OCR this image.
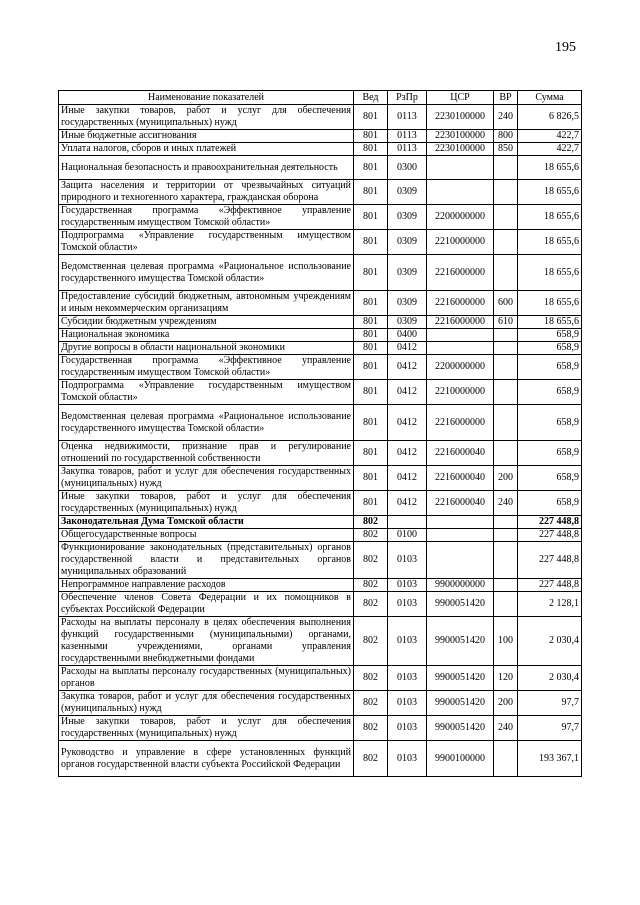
195
Наименование показателей	Вед	РзПр	ЦСР	ВР	Сумма
Иные закупки товаров, работ и услуг для обеспечения государственных (муниципальных) нужд	801	0113	2230100000	240	6 826,5
Иные бюджетные ассигнования	801	0113	2230100000	800	422,7
Уплата налогов, сборов и иных платежей	801	0113	2230100000	850	422,7
Национальная безопасность и правоохранительная деятельность	801	0300			18 655,6
Защита населения и территории от чрезвычайных ситуаций природного и техногенного характера, гражданская оборона	801	0309			18 655,6
Государственная программа «Эффективное управление государственным имуществом Томской области»	801	0309	2200000000		18 655,6
Подпрограмма «Управление государственным имуществом Томской области»	801	0309	2210000000		18 655,6
Ведомственная целевая программа «Рациональное использование государственного имущества Томской области»	801	0309	2216000000		18 655,6
Предоставление субсидий бюджетным, автономным учреждениям и иным некоммерческим организациям	801	0309	2216000000	600	18 655,6
Субсидии бюджетным учреждениям	801	0309	2216000000	610	18 655,6
Национальная экономика	801	0400			658,9
Другие вопросы в области национальной экономики	801	0412			658,9
Государственная программа «Эффективное управление государственным имуществом Томской области»	801	0412	2200000000		658,9
Подпрограмма «Управление государственным имуществом Томской области»	801	0412	2210000000		658,9
Ведомственная целевая программа «Рациональное использование государственного имущества Томской области»	801	0412	2216000000		658,9
Оценка недвижимости, признание прав и регулирование отношений по государственной собственности	801	0412	2216000040		658,9
Закупка товаров, работ и услуг для обеспечения государственных (муниципальных) нужд	801	0412	2216000040	200	658,9
Иные закупки товаров, работ и услуг для обеспечения государственных (муниципальных) нужд	801	0412	2216000040	240	658,9
Законодательная Дума Томской области	802				227 448,8
Общегосударственные вопросы	802	0100			227 448,8
Функционирование законодательных (представительных) органов государственной власти и представительных органов муниципальных образований	802	0103			227 448,8
Непрограммное направление расходов	802	0103	9900000000		227 448,8
Обеспечение членов Совета Федерации и их помощников в субъектах Российской Федерации	802	0103	9900051420		2 128,1
Расходы на выплаты персоналу в целях обеспечения выполнения функций государственными (муниципальными) органами, казенными учреждениями, органами управления государственными внебюджетными фондами	802	0103	9900051420	100	2 030,4
Расходы на выплаты персоналу государственных (муниципальных) органов	802	0103	9900051420	120	2 030,4
Закупка товаров, работ и услуг для обеспечения государственных (муниципальных) нужд	802	0103	9900051420	200	97,7
Иные закупки товаров, работ и услуг для обеспечения государственных (муниципальных) нужд	802	0103	9900051420	240	97,7
Руководство и управление в сфере установленных функций органов государственной власти субъекта Российской Федерации	802	0103	9900100000		193 367,1
